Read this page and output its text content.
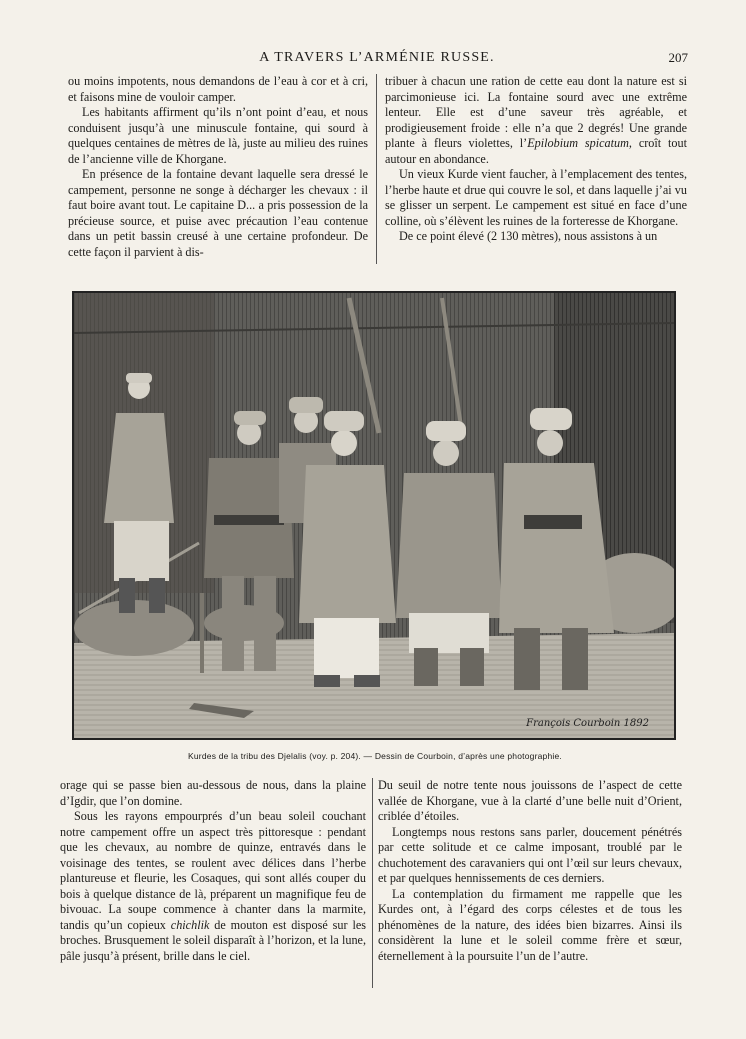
A TRAVERS L’ARMÉNIE RUSSE.	207

ou moins impotents, nous demandons de l’eau à cor et à cri, et faisons mine de vouloir camper.

Les habitants affirment qu’ils n’ont point d’eau, et nous conduisent jusqu’à une minuscule fontaine, qui sourd à quelques centaines de mètres de là, juste au milieu des ruines de l’ancienne ville de Khorgane.

En présence de la fontaine devant laquelle sera dressé le campement, personne ne songe à décharger les chevaux : il faut boire avant tout. Le capitaine D... a pris possession de la précieuse source, et puise avec précaution l’eau contenue dans un petit bassin creusé à une certaine profondeur. De cette façon il parvient à dis-

tribuer à chacun une ration de cette eau dont la nature est si parcimonieuse ici. La fontaine sourd avec une extrême lenteur. Elle est d’une saveur très agréable, et prodigieusement froide : elle n’a que 2 degrés! Une grande plante à fleurs violettes, l’Epilobium spicatum, croît tout autour en abondance.

Un vieux Kurde vient faucher, à l’emplacement des tentes, l’herbe haute et drue qui couvre le sol, et dans laquelle j’ai vu se glisser un serpent. Le campement est situé en face d’une colline, où s’élèvent les ruines de la forteresse de Khorgane.

De ce point élevé (2 130 mètres), nous assistons à un

François Courboin 1892
Kurdes de la tribu des Djelalis (voy. p. 204). — Dessin de Courboin, d’après une photographie.

orage qui se passe bien au-dessous de nous, dans la plaine d’Igdir, que l’on domine.

Sous les rayons empourprés d’un beau soleil couchant notre campement offre un aspect très pittoresque : pendant que les chevaux, au nombre de quinze, entravés dans le voisinage des tentes, se roulent avec délices dans l’herbe plantureuse et fleurie, les Cosaques, qui sont allés couper du bois à quelque distance de là, préparent un magnifique feu de bivouac. La soupe commence à chanter dans la marmite, tandis qu’un copieux chichlik de mouton est disposé sur les broches. Brusquement le soleil disparaît à l’horizon, et la lune, pâle jusqu’à présent, brille dans le ciel.

Du seuil de notre tente nous jouissons de l’aspect de cette vallée de Khorgane, vue à la clarté d’une belle nuit d’Orient, criblée d’étoiles.

Longtemps nous restons sans parler, doucement pénétrés par cette solitude et ce calme imposant, troublé par le chuchotement des caravaniers qui ont l’œil sur leurs chevaux, et par quelques hennissements de ces derniers.

La contemplation du firmament me rappelle que les Kurdes ont, à l’égard des corps célestes et de tous les phénomènes de la nature, des idées bien bizarres. Ainsi ils considèrent la lune et le soleil comme frère et sœur, éternellement à la poursuite l’un de l’autre.
